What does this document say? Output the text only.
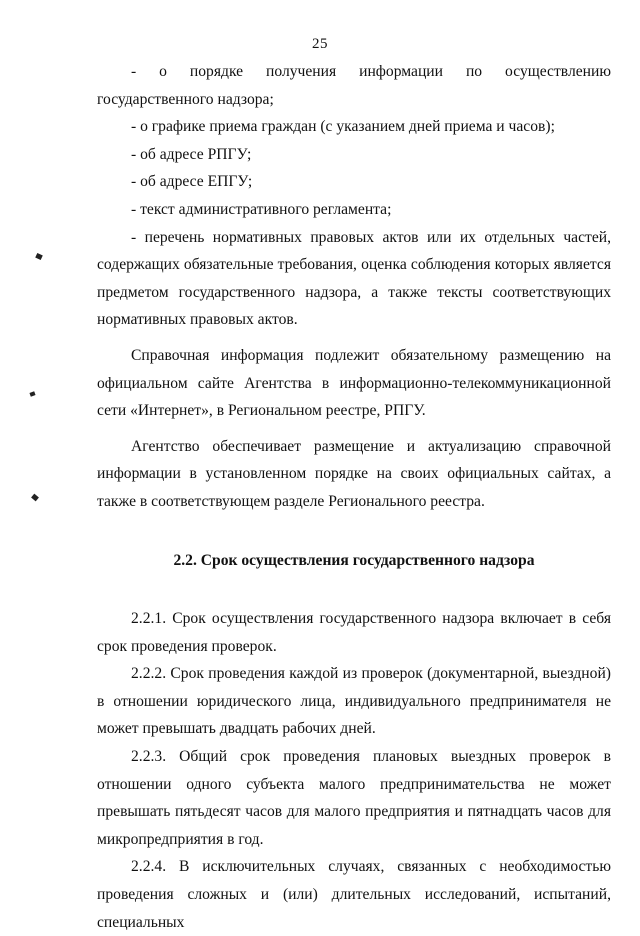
25

- о порядке получения информации по осуществлению государственного надзора;

- о графике приема граждан (с указанием дней приема и часов);

- об адресе РПГУ;

- об адресе ЕПГУ;

- текст административного регламента;

- перечень нормативных правовых актов или их отдельных частей, содержащих обязательные требования, оценка соблюдения которых является предметом государственного надзора, а также тексты соответствующих нормативных правовых актов.

Справочная информация подлежит обязательному размещению на официальном сайте Агентства в информационно-телекоммуникационной сети «Интернет», в Региональном реестре, РПГУ.

Агентство обеспечивает размещение и актуализацию справочной информации в установленном порядке на своих официальных сайтах, а также в соответствующем разделе Регионального реестра.

2.2. Срок осуществления государственного надзора

2.2.1. Срок осуществления государственного надзора включает в себя срок проведения проверок.

2.2.2. Срок проведения каждой из проверок (документарной, выездной) в отношении юридического лица, индивидуального предпринимателя не может превышать двадцать рабочих дней.

2.2.3. Общий срок проведения плановых выездных проверок в отношении одного субъекта малого предпринимательства не может превышать пятьдесят часов для малого предприятия и пятнадцать часов для микропредприятия в год.

2.2.4. В исключительных случаях, связанных с необходимостью проведения сложных и (или) длительных исследований, испытаний, специальных
